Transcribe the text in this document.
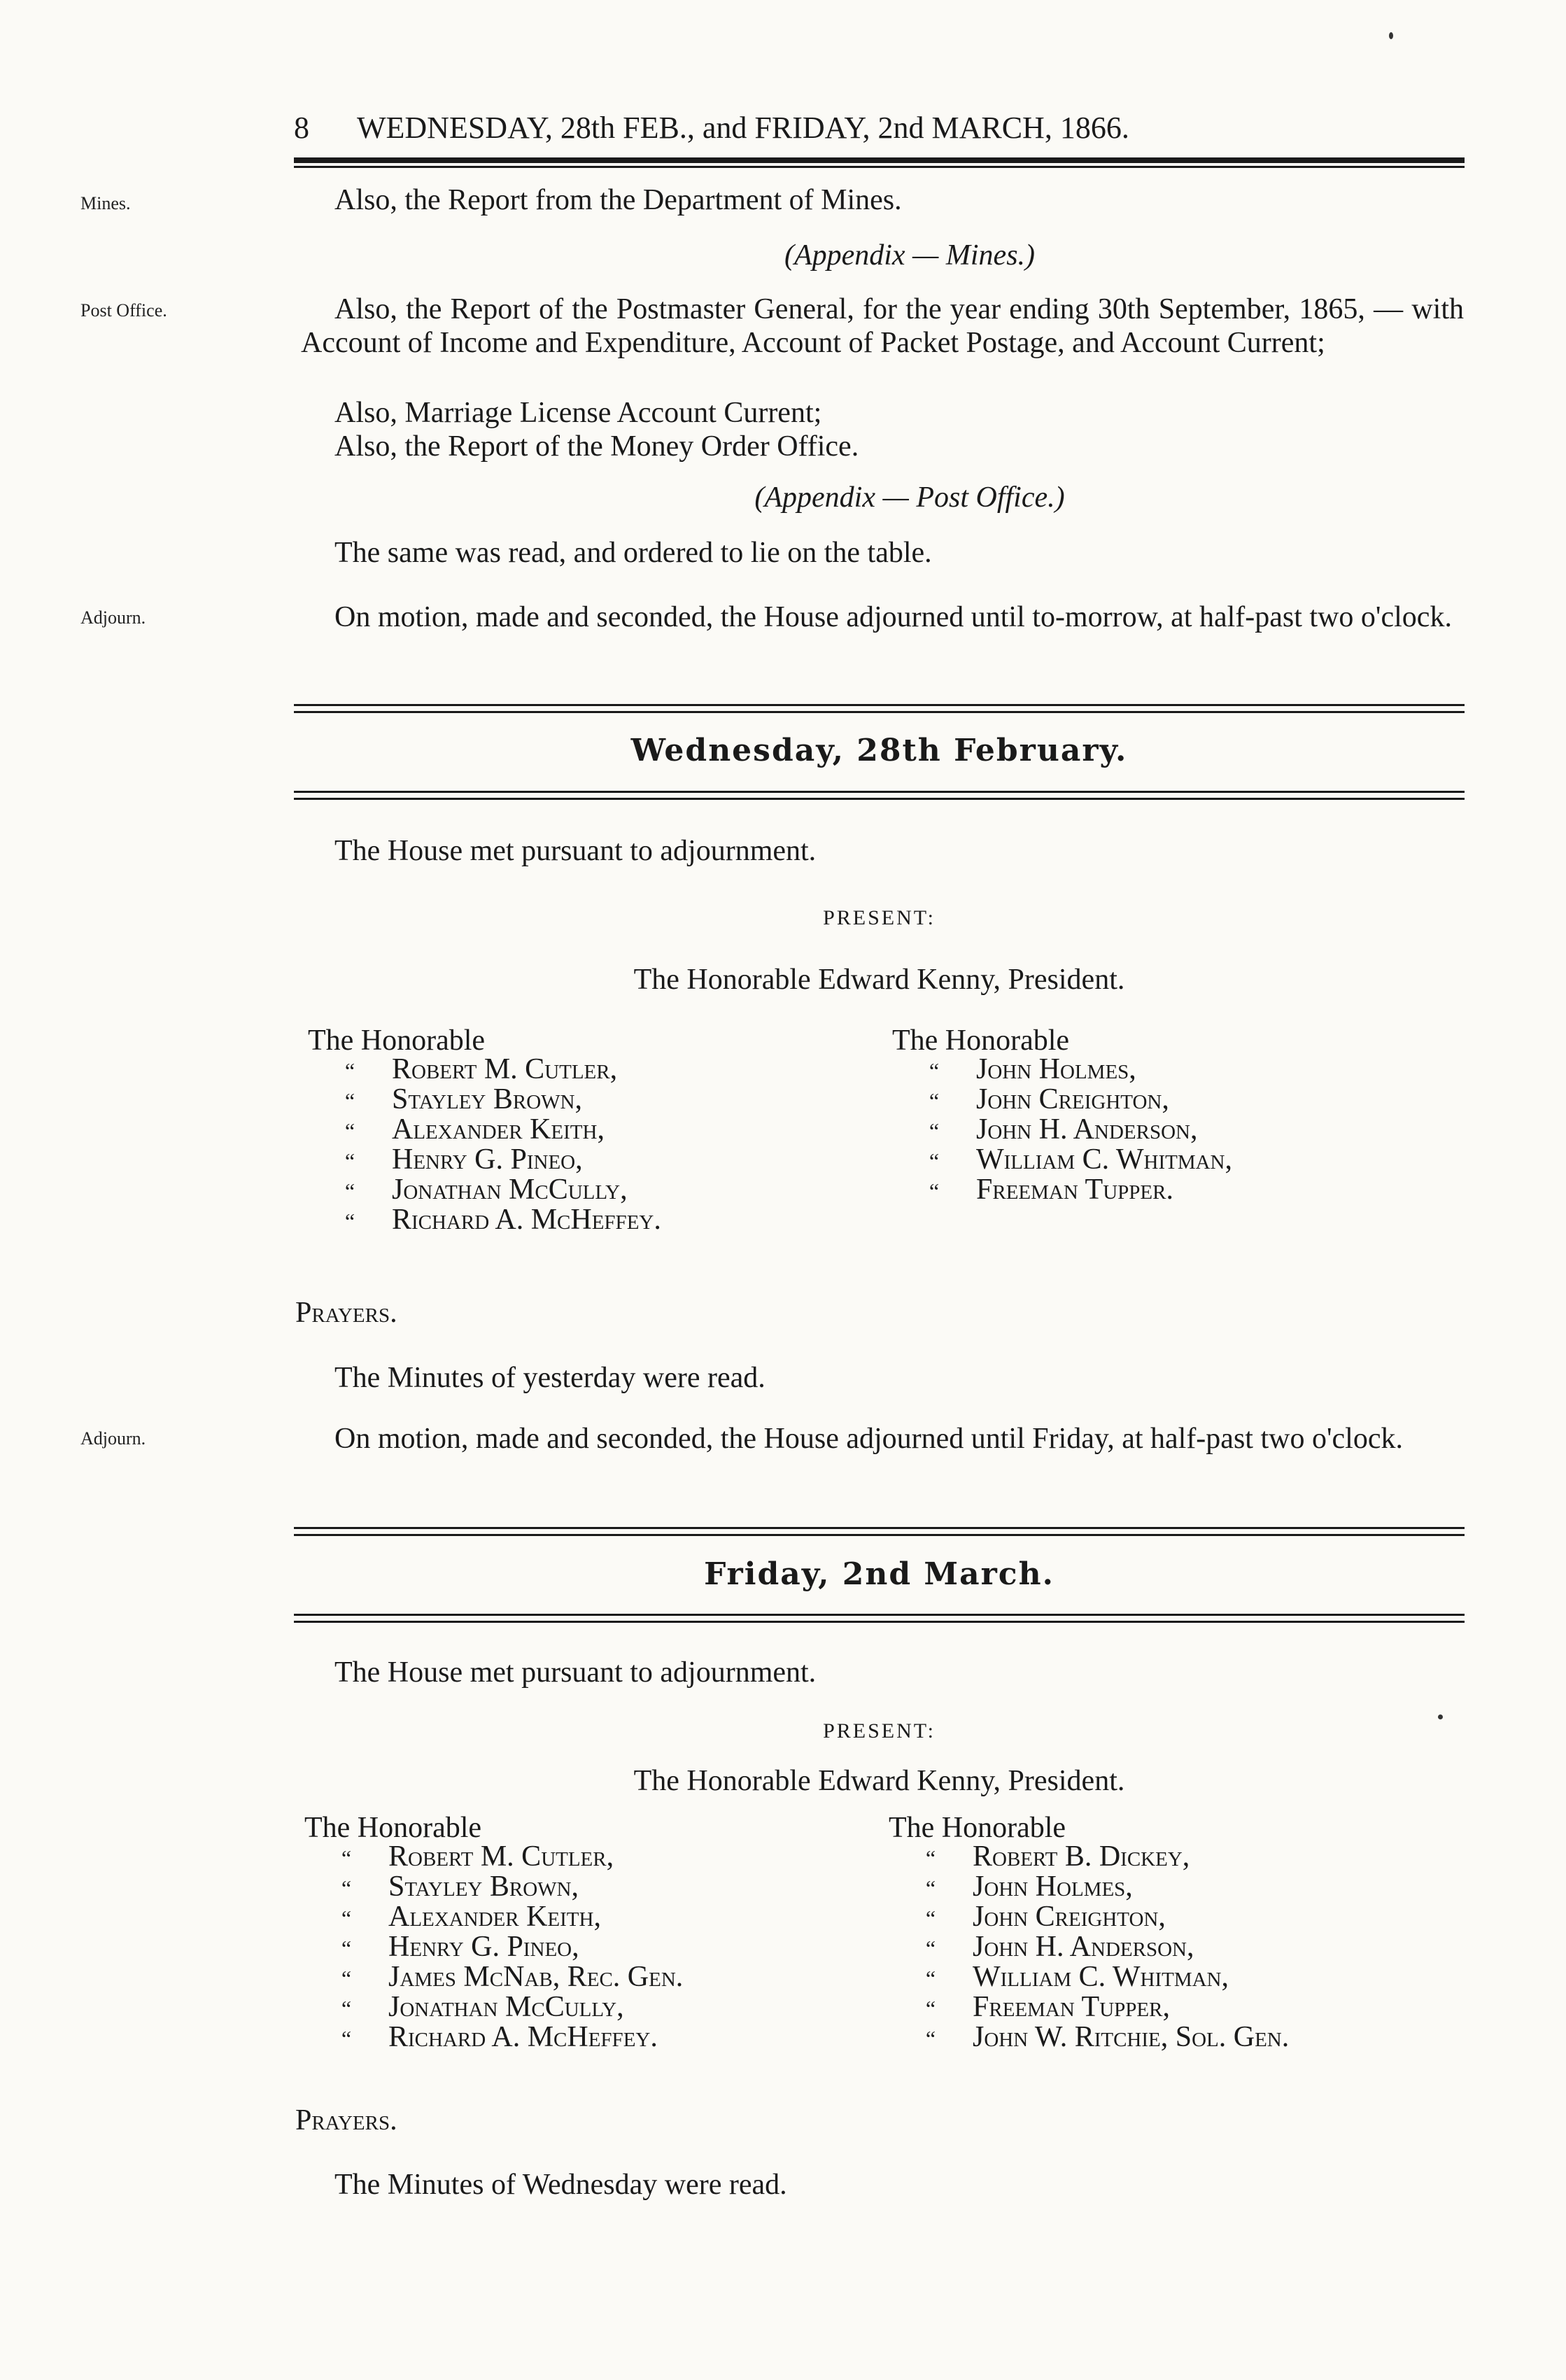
8 WEDNESDAY, 28th FEB., and FRIDAY, 2nd MARCH, 1866.
Mines.
Post Office.
Adjourn.
Adjourn.
Also, the Report from the Department of Mines.
(Appendix — Mines.)
Also, the Report of the Postmaster General, for the year ending 30th September, 1865, — with Account of Income and Expenditure, Account of Packet Postage, and Account Current;
Also, Marriage License Account Current;
Also, the Report of the Money Order Office.
(Appendix — Post Office.)
The same was read, and ordered to lie on the table.
On motion, made and seconded, the House adjourned until to-morrow, at half-past two o'clock.
Wednesday, 28th February.
The House met pursuant to adjournment.
PRESENT:
The Honorable Edward Kenny, President.
The Honorable
“ Robert M. Cutler,
“ Stayley Brown,
“ Alexander Keith,
“ Henry G. Pineo,
“ Jonathan McCully,
“ Richard A. McHeffey.
The Honorable
“ John Holmes,
“ John Creighton,
“ John H. Anderson,
“ William C. Whitman,
“ Freeman Tupper.
Prayers.
The Minutes of yesterday were read.
On motion, made and seconded, the House adjourned until Friday, at half-past two o'clock.
Friday, 2nd March.
The House met pursuant to adjournment.
PRESENT:
The Honorable Edward Kenny, President.
The Honorable
“ Robert M. Cutler,
“ Stayley Brown,
“ Alexander Keith,
“ Henry G. Pineo,
“ James McNab, Rec. Gen.
“ Jonathan McCully,
“ Richard A. McHeffey.
The Honorable
“ Robert B. Dickey,
“ John Holmes,
“ John Creighton,
“ John H. Anderson,
“ William C. Whitman,
“ Freeman Tupper,
“ John W. Ritchie, Sol. Gen.
Prayers.
The Minutes of Wednesday were read.
